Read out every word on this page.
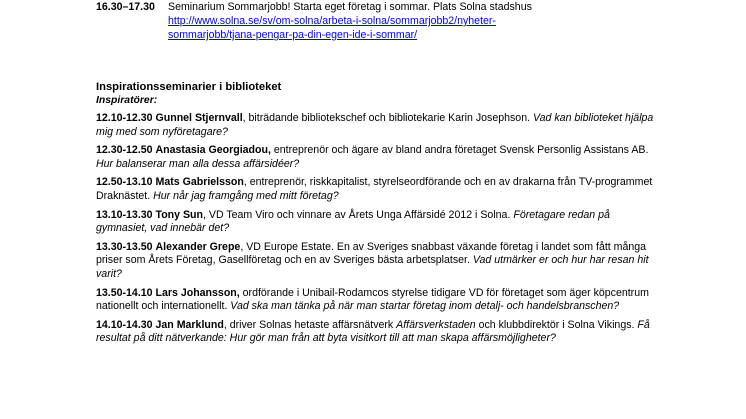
16.30–17.30 Seminarium Sommarjobb! Starta eget företag i sommar. Plats Solna stadshus
http://www.solna.se/sv/om-solna/arbeta-i-solna/sommarjobb2/nyheter-
sommarjobb/tjana-pengar-pa-din-egen-ide-i-sommar/

Inspirationsseminarier i biblioteket

Inspiratörer:

12.10-12.30 Gunnel Stjernvall, biträdande bibliotekschef och bibliotekarie Karin Josephson. Vad kan biblioteket hjälpa mig med som nyföretagare?

12.30-12.50 Anastasia Georgiadou, entreprenör och ägare av bland andra företaget Svensk Personlig Assistans AB. Hur balanserar man alla dessa affärsidéer?

12.50-13.10 Mats Gabrielsson, entreprenör, riskkapitalist, styrelseordförande och en av drakarna från TV-programmet Draknästet. Hur når jag framgång med mitt företag?

13.10-13.30 Tony Sun, VD Team Viro och vinnare av Årets Unga Affärsidé 2012 i Solna. Företagare redan på gymnasiet, vad innebär det?

13.30-13.50 Alexander Grepe, VD Europe Estate. En av Sveriges snabbast växande företag i landet som fått många priser som Årets Företag, Gasellföretag och en av Sveriges bästa arbetsplatser. Vad utmärker er och hur har resan hit varit?

13.50-14.10 Lars Johansson, ordförande i Unibail-Rodamcos styrelse tidigare VD för företaget som äger köpcentrum nationellt och internationellt. Vad ska man tänka på när man startar företag inom detalj- och handelsbranschen?

14.10-14.30 Jan Marklund, driver Solnas hetaste affärsnätverk Affärsverkstaden och klubbdirektör i Solna Vikings. Få resultat på ditt nätverkande: Hur gör man från att byta visitkort till att man skapa affärsmöjligheter?
